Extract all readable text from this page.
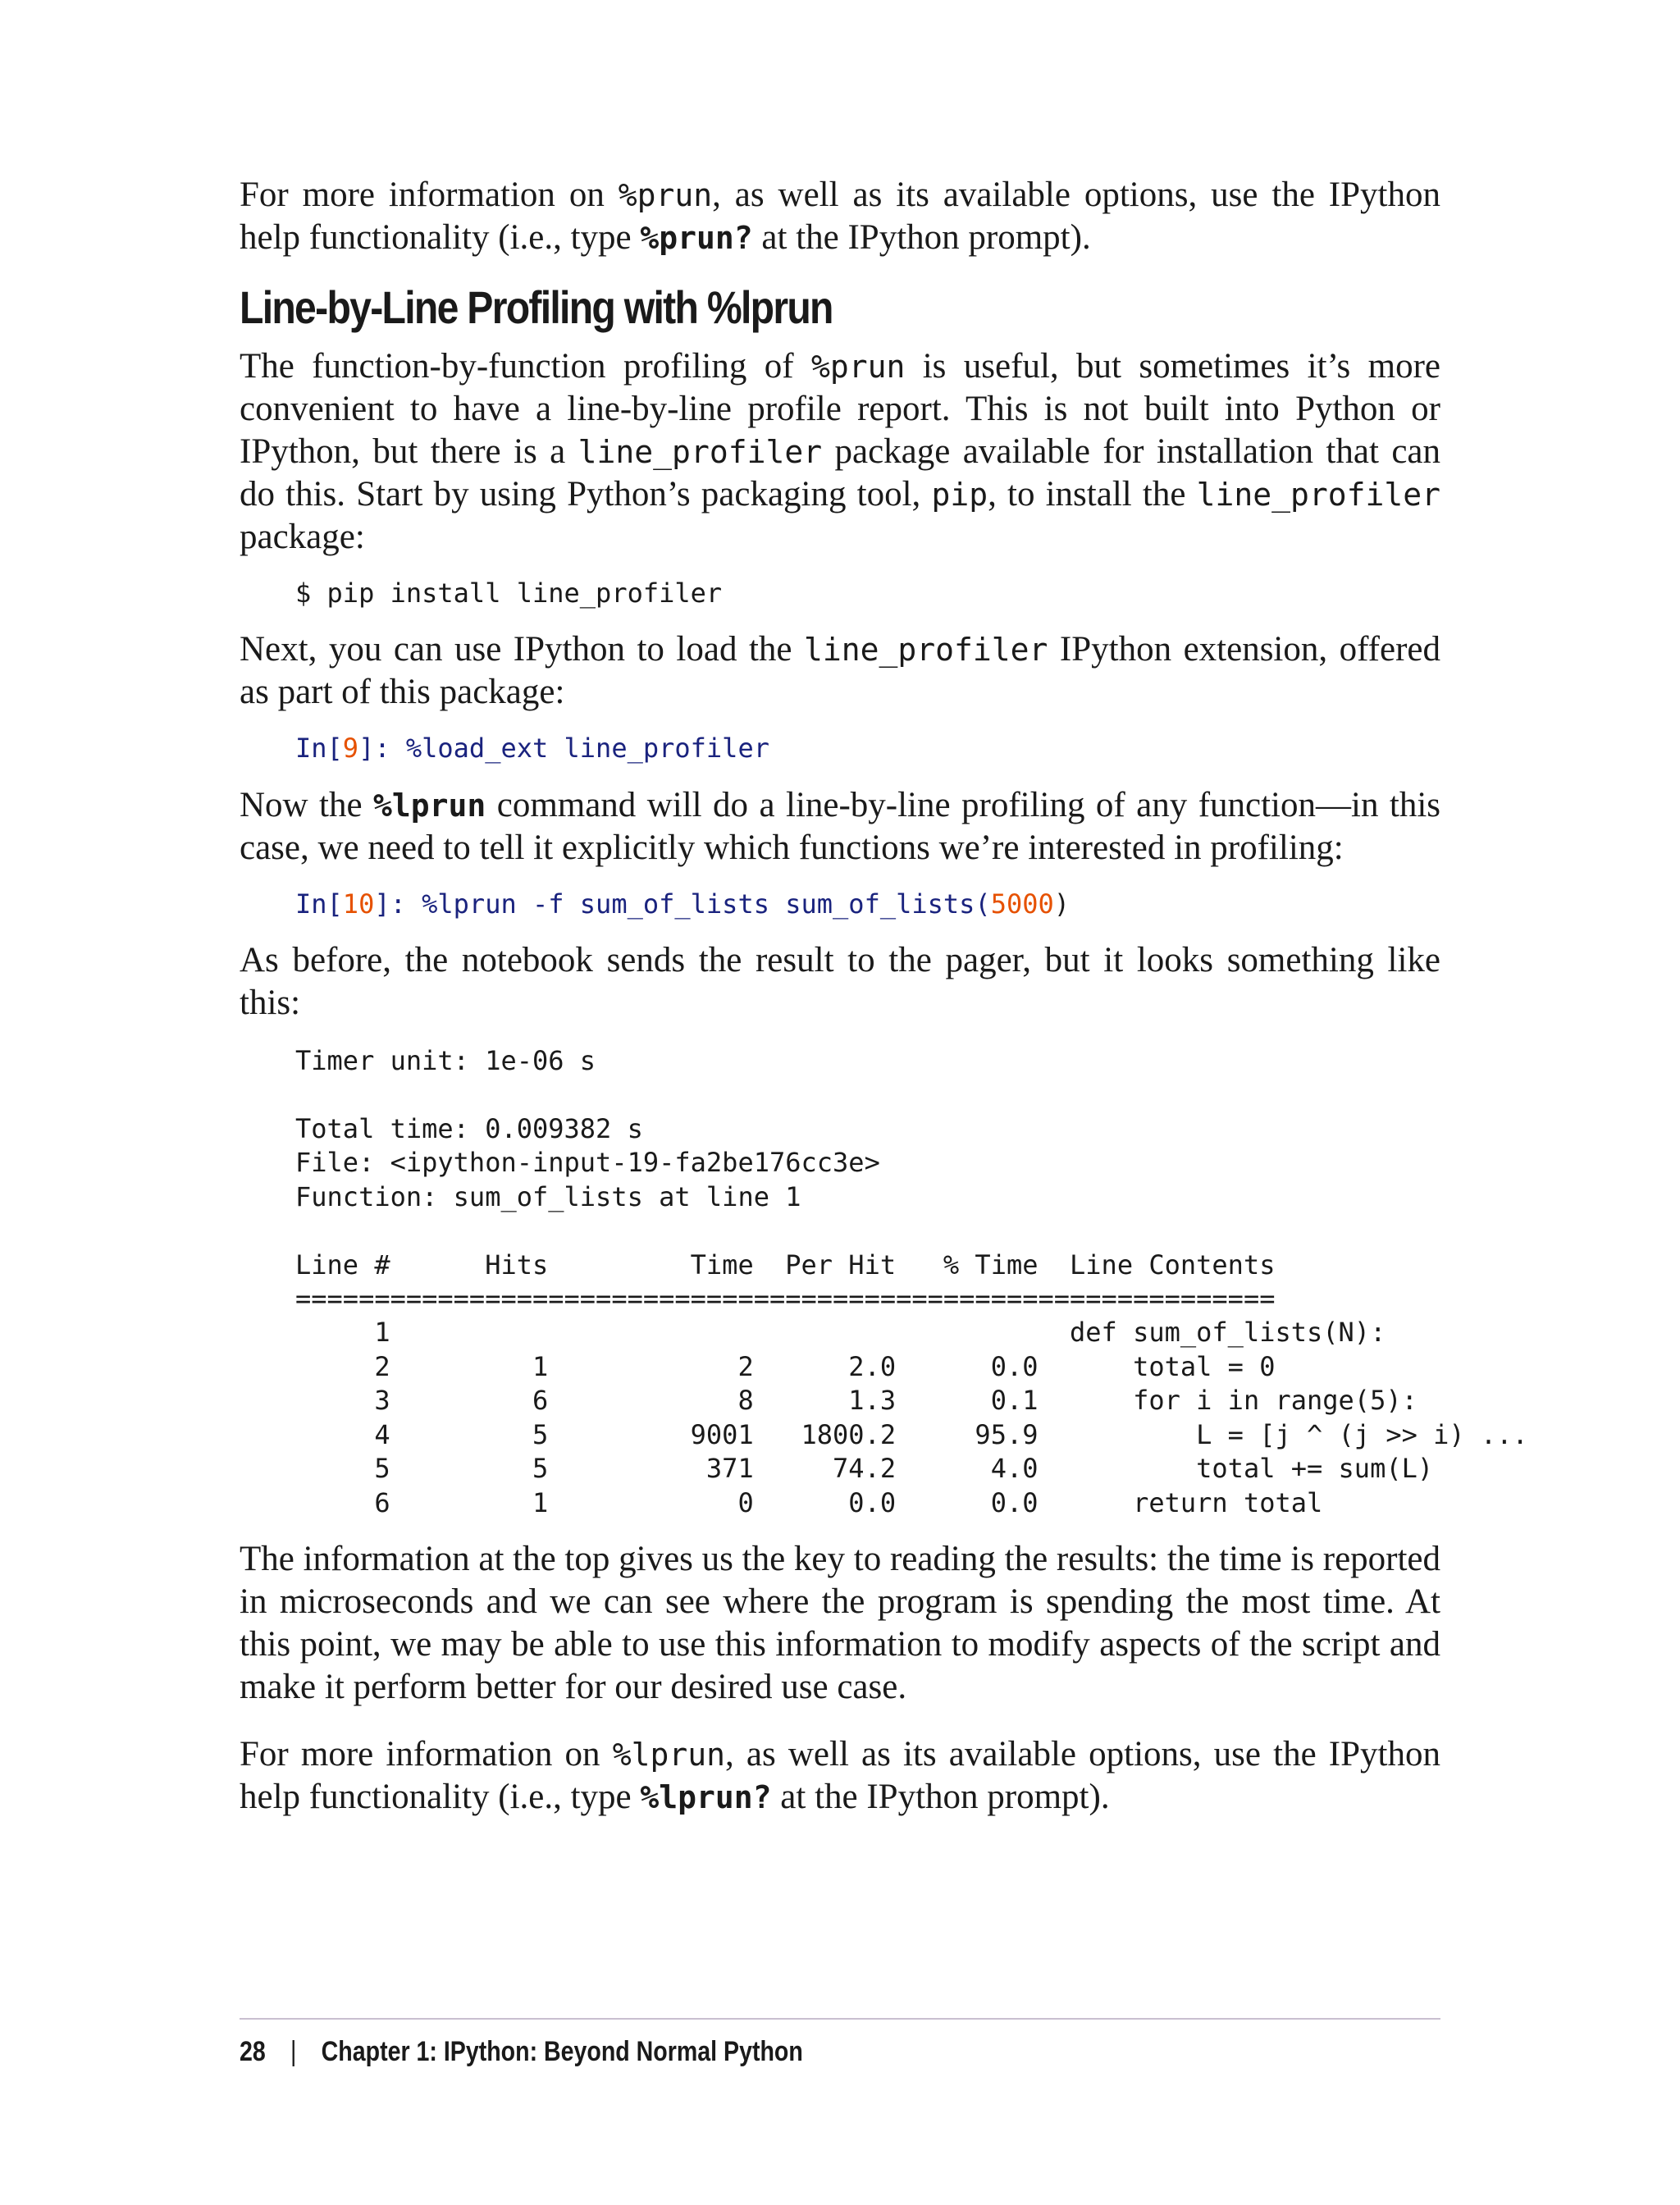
For more information on %prun, as well as its available options, use the IPython help functionality (i.e., type %prun? at the IPython prompt).

Line-by-Line Profiling with %lprun

The function-by-function profiling of %prun is useful, but sometimes it’s more convenient to have a line-by-line profile report. This is not built into Python or IPython, but there is a line_profiler package available for installation that can do this. Start by using Python’s packaging tool, pip, to install the line_profiler package:

$ pip install line_profiler

Next, you can use IPython to load the line_profiler IPython extension, offered as part of this package:

In[9]: %load_ext line_profiler

Now the %lprun command will do a line-by-line profiling of any function—in this case, we need to tell it explicitly which functions we’re interested in profiling:

In[10]: %lprun -f sum_of_lists sum_of_lists(5000)

As before, the notebook sends the result to the pager, but it looks something like this:

Timer unit: 1e-06 s

Total time: 0.009382 s
File: <ipython-input-19-fa2be176cc3e>
Function: sum_of_lists at line 1

Line #      Hits         Time  Per Hit   % Time  Line Contents
==============================================================
1                                           def sum_of_lists(N):
2         1            2      2.0      0.0      total = 0
3         6            8      1.3      0.1      for i in range(5):
4         5         9001   1800.2     95.9          L = [j ^ (j >> i) ...
5         5          371     74.2      4.0          total += sum(L)
6         1            0      0.0      0.0      return total

The information at the top gives us the key to reading the results: the time is reported in microseconds and we can see where the program is spending the most time. At this point, we may be able to use this information to modify aspects of the script and make it perform better for our desired use case.

For more information on %lprun, as well as its available options, use the IPython help functionality (i.e., type %lprun? at the IPython prompt).

28 | Chapter 1: IPython: Beyond Normal Python
